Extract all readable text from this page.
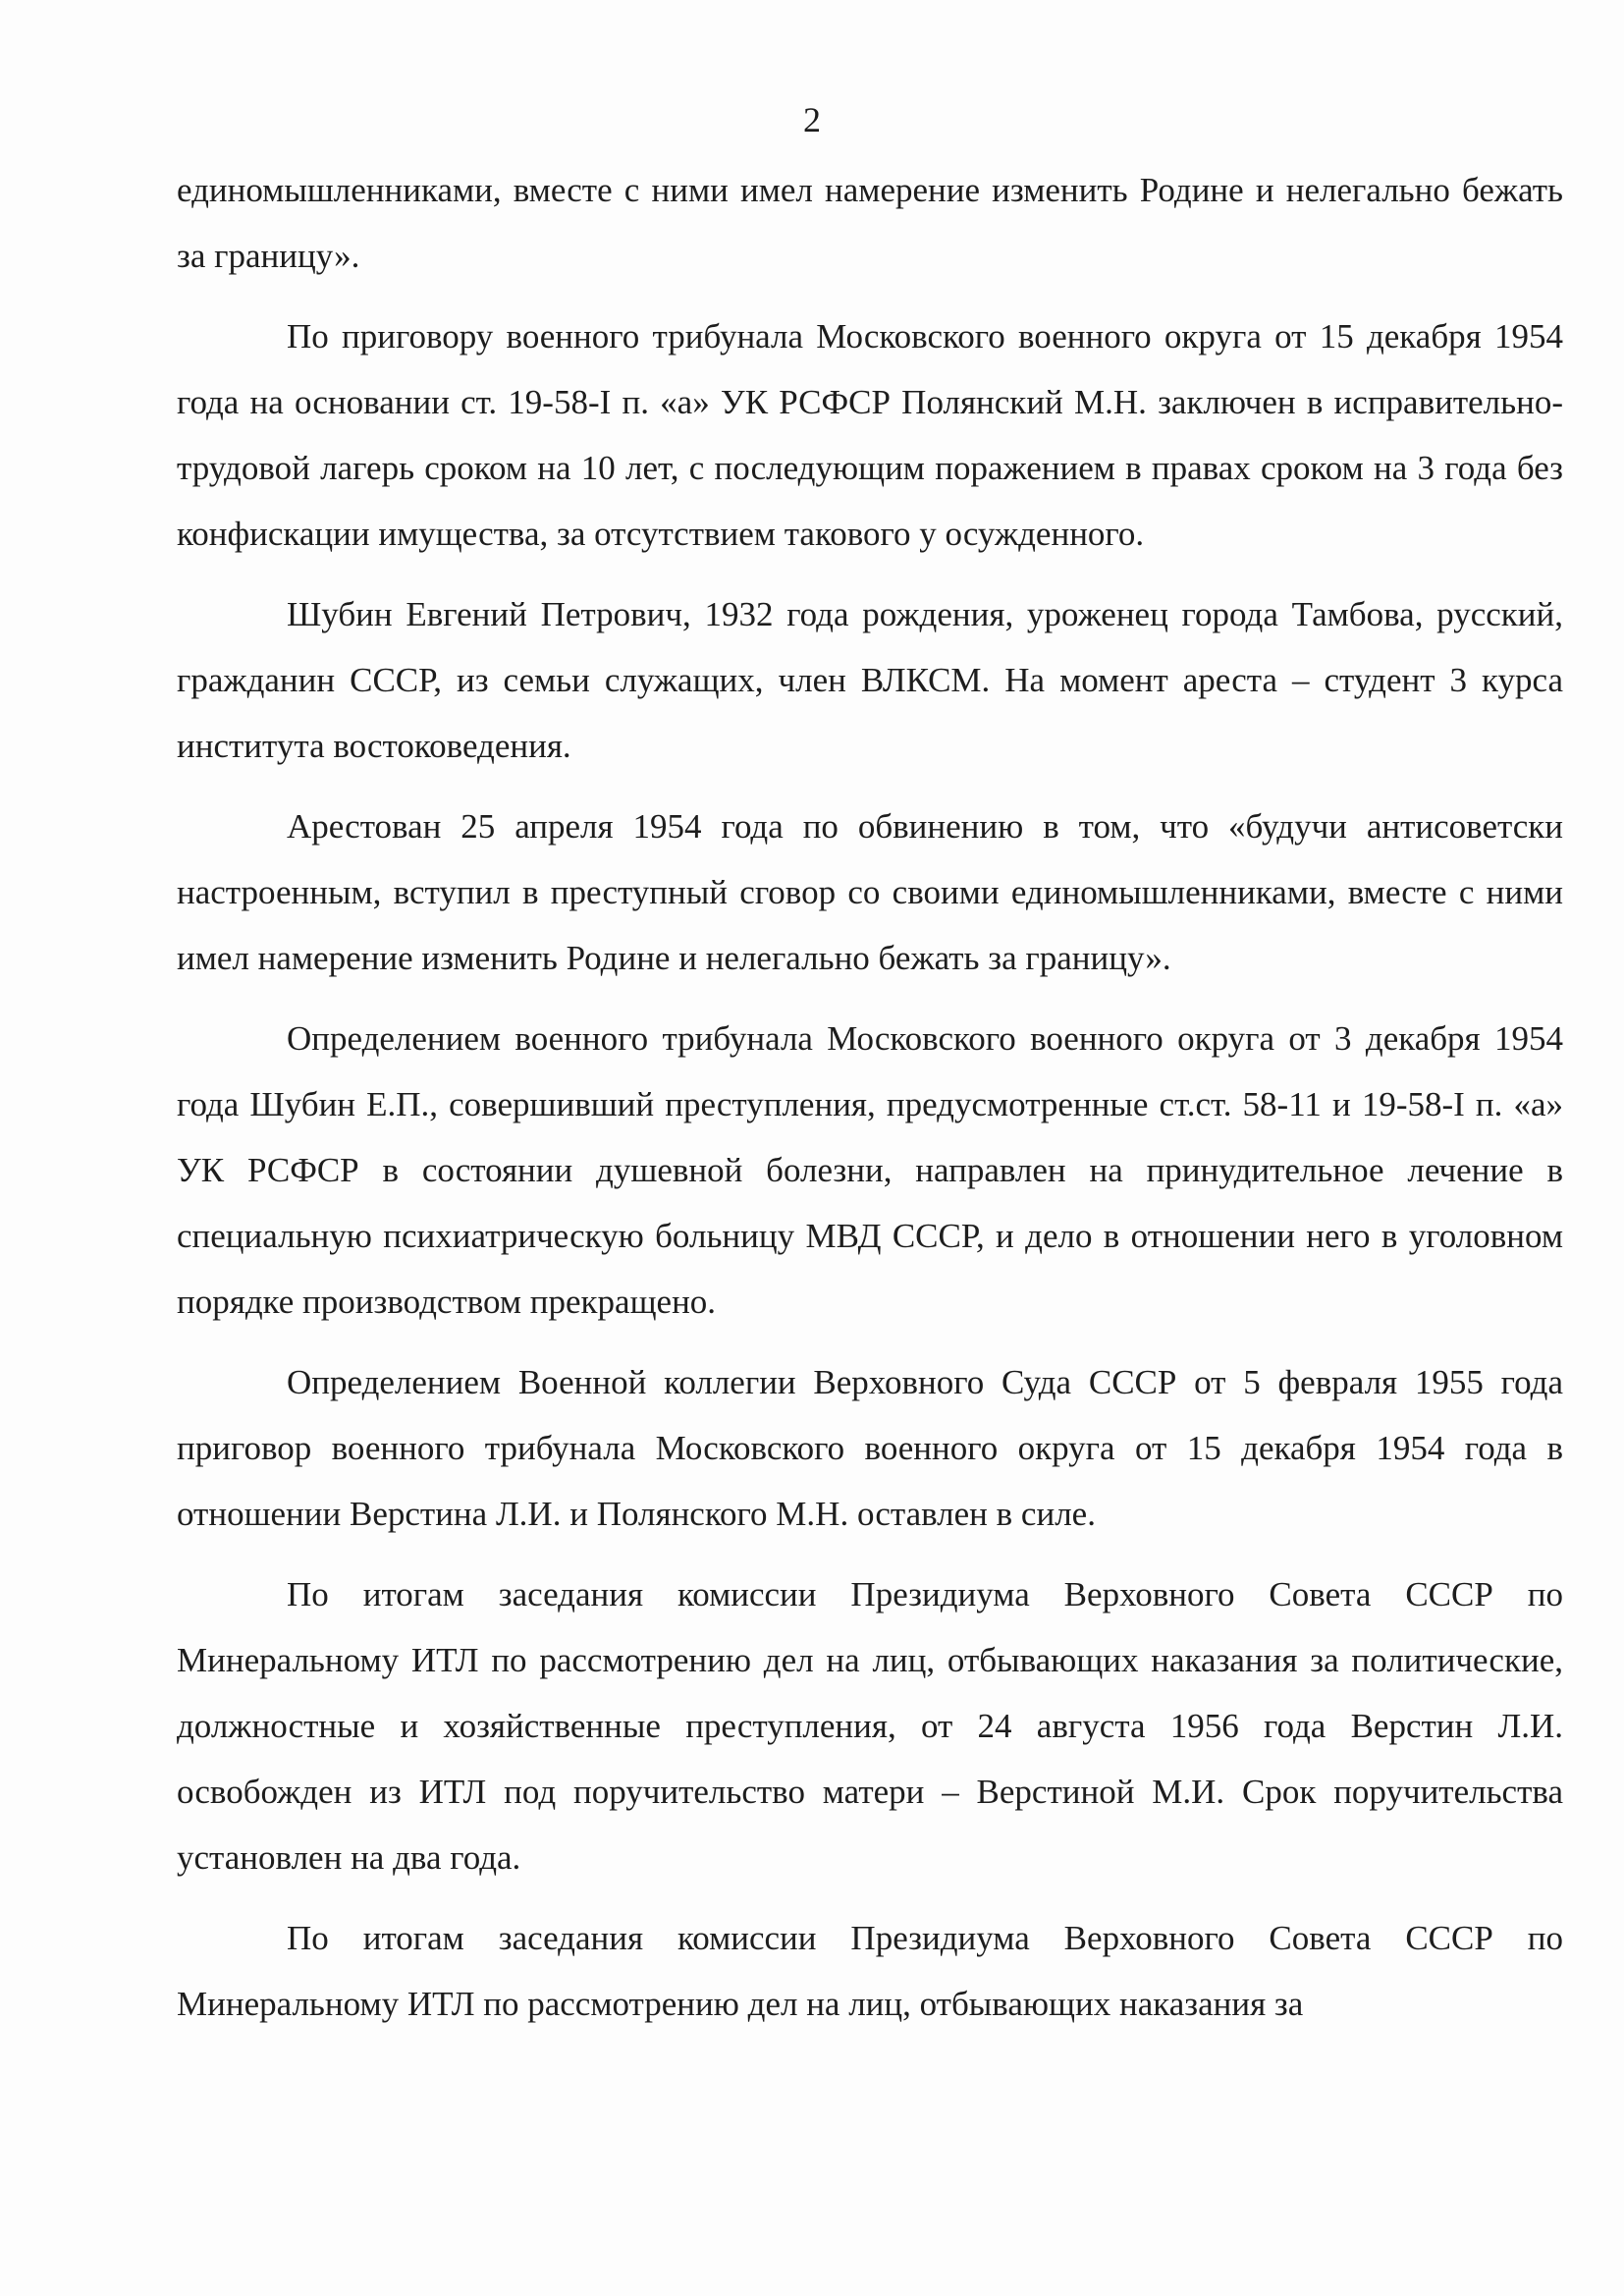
2

единомышленниками, вместе с ними имел намерение изменить Родине и нелегально бежать за границу».

По приговору военного трибунала Московского военного округа от 15 декабря 1954 года на основании ст. 19-58-I п. «а» УК РСФСР Полянский М.Н. заключен в исправительно-трудовой лагерь сроком на 10 лет, с последующим поражением в правах сроком на 3 года без конфискации имущества, за отсутствием такового у осужденного.

Шубин Евгений Петрович, 1932 года рождения, уроженец города Тамбова, русский, гражданин СССР, из семьи служащих, член ВЛКСМ. На момент ареста – студент 3 курса института востоковедения.

Арестован 25 апреля 1954 года по обвинению в том, что «будучи антисоветски настроенным, вступил в преступный сговор со своими единомышленниками, вместе с ними имел намерение изменить Родине и нелегально бежать за границу».

Определением военного трибунала Московского военного округа от 3 декабря 1954 года Шубин Е.П., совершивший преступления, предусмотренные ст.ст. 58-11 и 19-58-I п. «а» УК РСФСР в состоянии душевной болезни, направлен на принудительное лечение в специальную психиатрическую больницу МВД СССР, и дело в отношении него в уголовном порядке производством прекращено.

Определением Военной коллегии Верховного Суда СССР от 5 февраля 1955 года приговор военного трибунала Московского военного округа от 15 декабря 1954 года в отношении Верстина Л.И. и Полянского М.Н. оставлен в силе.

По итогам заседания комиссии Президиума Верховного Совета СССР по Минеральному ИТЛ по рассмотрению дел на лиц, отбывающих наказания за политические, должностные и хозяйственные преступления, от 24 августа 1956 года Верстин Л.И. освобожден из ИТЛ под поручительство матери – Верстиной М.И. Срок поручительства установлен на два года.

По итогам заседания комиссии Президиума Верховного Совета СССР по Минеральному ИТЛ по рассмотрению дел на лиц, отбывающих наказания за
